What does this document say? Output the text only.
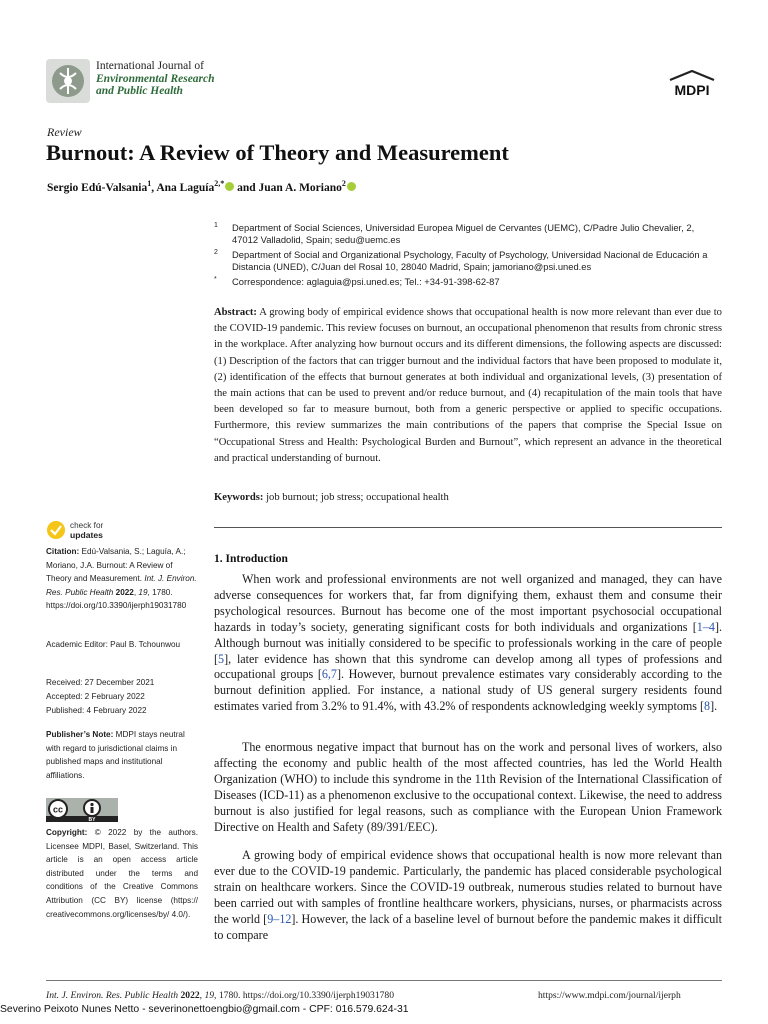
International Journal of
Environmental Research
and Public Health	MDPI
Review
Burnout: A Review of Theory and Measurement
Sergio Edú-Valsania$^1$, Ana Laguía$^{2,*}$ and Juan A. Moriano$^2$
1 Department of Social Sciences, Universidad Europea Miguel de Cervantes (UEMC), C/Padre Julio Chevalier, 2, 47012 Valladolid, Spain; sedu@uemc.es
2 Department of Social and Organizational Psychology, Faculty of Psychology, Universidad Nacional de Educación a Distancia (UNED), C/Juan del Rosal 10, 28040 Madrid, Spain; jamoriano@psi.uned.es
* Correspondence: aglaguia@psi.uned.es; Tel.: +34-91-398-62-87
Abstract: A growing body of empirical evidence shows that occupational health is now more relevant than ever due to the COVID-19 pandemic. This review focuses on burnout, an occupational phenomenon that results from chronic stress in the workplace. After analyzing how burnout occurs and its different dimensions, the following aspects are discussed: (1) Description of the factors that can trigger burnout and the individual factors that have been proposed to modulate it, (2) identification of the effects that burnout generates at both individual and organizational levels, (3) presentation of the main actions that can be used to prevent and/or reduce burnout, and (4) recapitulation of the main tools that have been developed so far to measure burnout, both from a generic perspective or applied to specific occupations. Furthermore, this review summarizes the main contributions of the papers that comprise the Special Issue on “Occupational Stress and Health: Psychological Burden and Burnout”, which represent an advance in the theoretical and practical understanding of burnout.
Keywords: job burnout; job stress; occupational health
check for
updates
Citation: Edú-Valsania, S.; Laguía, A.; Moriano, J.A. Burnout: A Review of Theory and Measurement. Int. J. Environ. Res. Public Health 2022, 19, 1780. https://doi.org/10.3390/ijerph19031780
Academic Editor: Paul B. Tchounwou
Received: 27 December 2021
Accepted: 2 February 2022
Published: 4 February 2022
Publisher’s Note: MDPI stays neutral with regard to jurisdictional claims in published maps and institutional affiliations.
cc
BY
Copyright: © 2022 by the authors. Licensee MDPI, Basel, Switzerland. This article is an open access article distributed under the terms and conditions of the Creative Commons Attribution (CC BY) license (https:// creativecommons.org/licenses/by/ 4.0/).
1. Introduction
When work and professional environments are not well organized and managed, they can have adverse consequences for workers that, far from dignifying them, exhaust them and consume their psychological resources. Burnout has become one of the most important psychosocial occupational hazards in today’s society, generating significant costs for both individuals and organizations [1–4]. Although burnout was initially considered to be specific to professionals working in the care of people [5], later evidence has shown that this syndrome can develop among all types of professions and occupational groups [6,7]. However, burnout prevalence estimates vary considerably according to the burnout definition applied. For instance, a national study of US general surgery residents found estimates varied from 3.2% to 91.4%, with 43.2% of respondents acknowledging weekly symptoms [8].
The enormous negative impact that burnout has on the work and personal lives of workers, also affecting the economy and public health of the most affected countries, has led the World Health Organization (WHO) to include this syndrome in the 11th Revision of the International Classification of Diseases (ICD-11) as a phenomenon exclusive to the occupational context. Likewise, the need to address burnout is also justified for legal reasons, such as compliance with the European Union Framework Directive on Health and Safety (89/391/EEC).
A growing body of empirical evidence shows that occupational health is now more relevant than ever due to the COVID-19 pandemic. Particularly, the pandemic has placed considerable psychological strain on healthcare workers. Since the COVID-19 outbreak, numerous studies related to burnout have been carried out with samples of frontline healthcare workers, physicians, nurses, or pharmacists across the world [9–12]. However, the lack of a baseline level of burnout before the pandemic makes it difficult to compare
Int. J. Environ. Res. Public Health 2022, 19, 1780. https://doi.org/10.3390/ijerph19031780	https://www.mdpi.com/journal/ijerph
Severino Peixoto Nunes Netto - severinonettoengbio@gmail.com - CPF: 016.579.624-31
